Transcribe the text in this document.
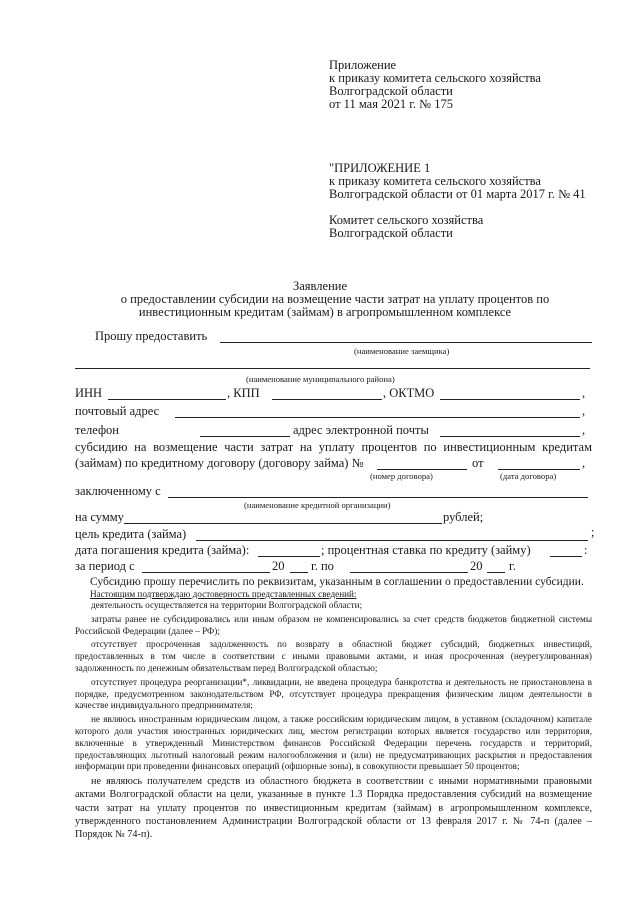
Приложение
к приказу комитета сельского хозяйства
Волгоградской области
от 11 мая 2021 г. № 175
"ПРИЛОЖЕНИЕ 1
к приказу комитета сельского хозяйства
Волгоградской области от 01 марта 2017 г. № 41
Комитет сельского хозяйства
Волгоградской области
Заявление
о предоставлении субсидии на возмещение части затрат на уплату процентов по
инвестиционным кредитам (займам) в агропромышленном комплексе
Прошу предоставить
(наименование заемщика)
(наименование муниципального района)
ИНН	, КПП	, ОКТМО	,
почтовый адрес	,
телефон	адрес электронной почты	,
субсидию на возмещение части затрат на уплату процентов по инвестиционным кредитам
(займам) по кредитному договору (договору займа) №	от	,
(номер договора)	(дата договора)
заключенному с
(наименование кредитной организации)
на сумму	рублей;
цель кредита (займа)	;
дата погашения кредита (займа):	; процентная ставка по кредиту (займу)	:
за период с	20 г. по	20 г.
Субсидию прошу перечислить по реквизитам, указанным в соглашении о предоставлении субсидии.
Настоящим подтверждаю достоверность представленных сведений:

деятельность осуществляется на территории Волгоградской области;

затраты ранее не субсидировались или иным образом не компенсировались за счет средств бюджетов бюджетной системы Российской Федерации (далее – РФ);

отсутствует просроченная задолженность по возврату в областной бюджет субсидий, бюджетных инвестиций, предоставленных в том числе в соответствии с иными правовыми актами, и иная просроченная (неурегулированная) задолженность по денежным обязательствам перед Волгоградской областью;

отсутствует процедура реорганизации*, ликвидации, не введена процедура банкротства и деятельность не приостановлена в порядке, предусмотренном законодательством РФ, отсутствует процедура прекращения физическим лицом деятельности в качестве индивидуального предпринимателя;

не являюсь иностранным юридическим лицом, а также российским юридическим лицом, в уставном (складочном) капитале которого доля участия иностранных юридических лиц, местом регистрации которых является государство или территория, включенные в утвержденный Министерством финансов Российской Федерации перечень государств и территорий, предоставляющих льготный налоговый режим налогообложения и (или) не предусматривающих раскрытия и предоставления информации при проведении финансовых операций (офшорные зоны), в совокупности превышает 50 процентов;

не являюсь получателем средств из областного бюджета в соответствии с иными нормативными правовыми актами Волгоградской области на цели, указанные в пункте 1.3 Порядка предоставления субсидий на возмещение части затрат на уплату процентов по инвестиционным кредитам (займам) в агропромышленном комплексе, утвержденного постановлением Администрации Волгоградской области от 13 февраля 2017 г. № 74-п (далее – Порядок № 74-п).
